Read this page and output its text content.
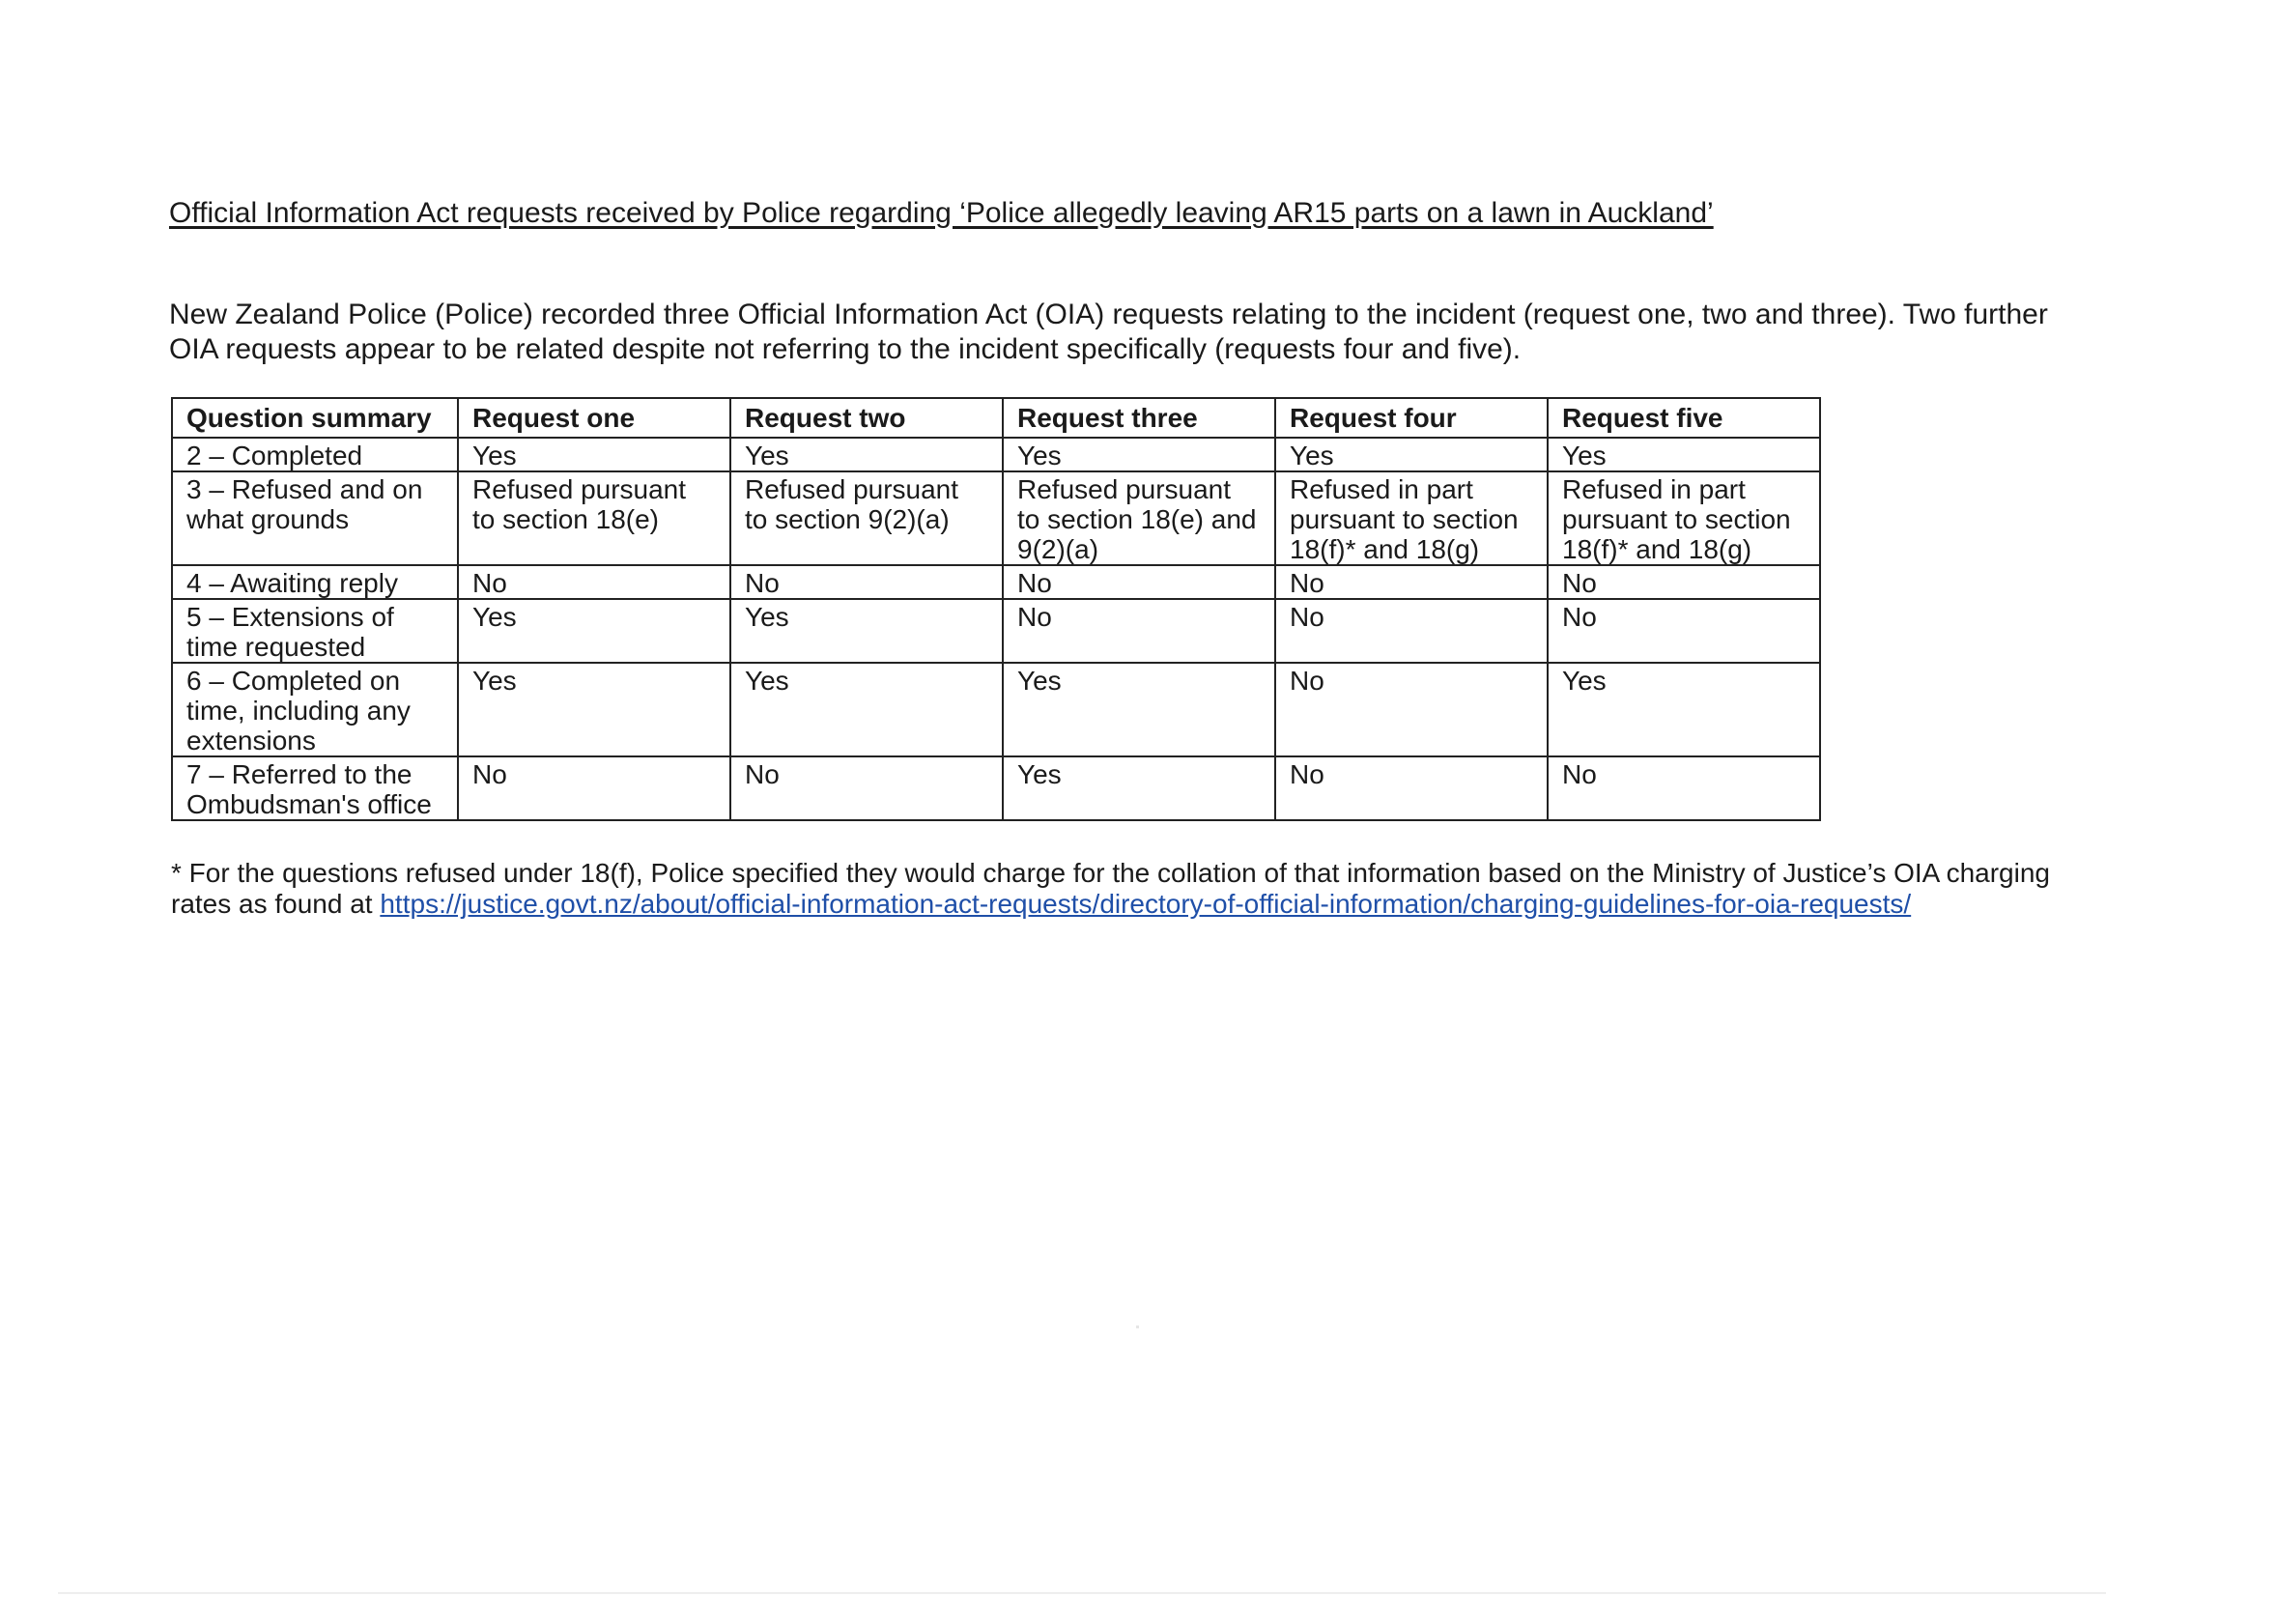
Official Information Act requests received by Police regarding ‘Police allegedly leaving AR15 parts on a lawn in Auckland’

New Zealand Police (Police) recorded three Official Information Act (OIA) requests relating to the incident (request one, two and three). Two further OIA requests appear to be related despite not referring to the incident specifically (requests four and five).

Question summary	Request one	Request two	Request three	Request four	Request five
2 – Completed	Yes	Yes	Yes	Yes	Yes
3 – Refused and on what grounds	Refused pursuant to section 18(e)	Refused pursuant to section 9(2)(a)	Refused pursuant to section 18(e) and 9(2)(a)	Refused in part pursuant to section 18(f)* and 18(g)	Refused in part pursuant to section 18(f)* and 18(g)
4 – Awaiting reply	No	No	No	No	No
5 – Extensions of time requested	Yes	Yes	No	No	No
6 – Completed on time, including any extensions	Yes	Yes	Yes	No	Yes
7 – Referred to the Ombudsman's office	No	No	Yes	No	No

* For the questions refused under 18(f), Police specified they would charge for the collation of that information based on the Ministry of Justice’s OIA charging rates as found at https://justice.govt.nz/about/official-information-act-requests/directory-of-official-information/charging-guidelines-for-oia-requests/
